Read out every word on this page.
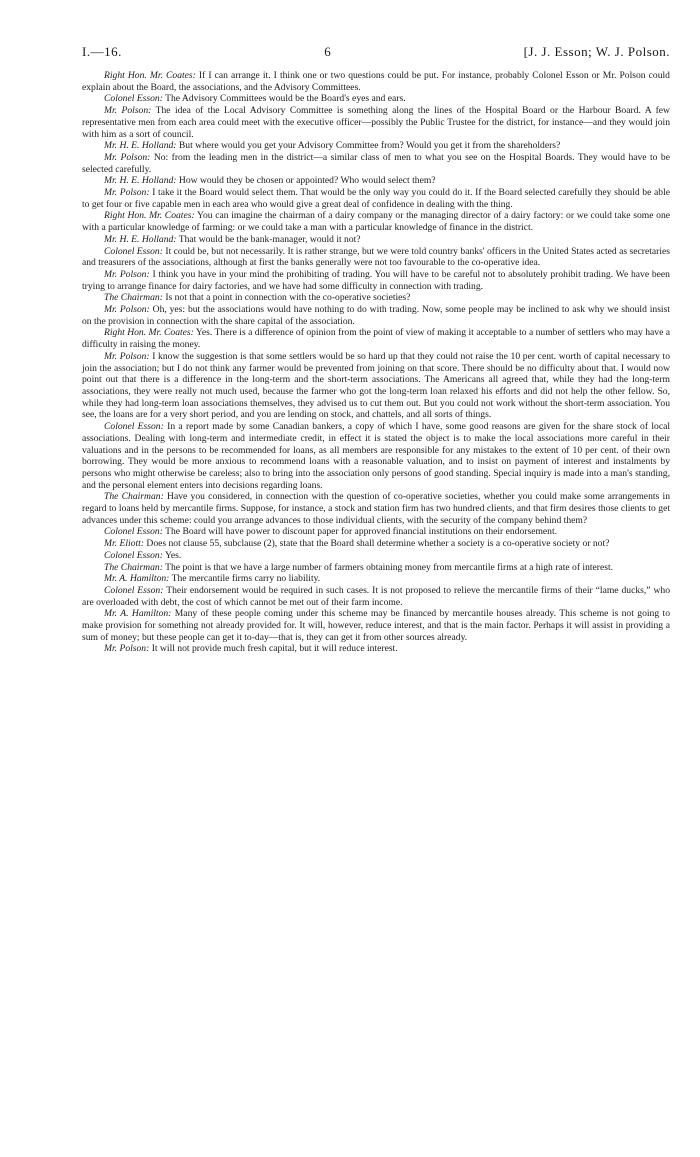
I.—16.	6	[J. J. Esson; W. J. Polson.

Right Hon. Mr. Coates: If I can arrange it. I think one or two questions could be put. For instance, probably Colonel Esson or Mr. Polson could explain about the Board, the associations, and the Advisory Committees.

Colonel Esson: The Advisory Committees would be the Board's eyes and ears.

Mr. Polson: The idea of the Local Advisory Committee is something along the lines of the Hospital Board or the Harbour Board. A few representative men from each area could meet with the executive officer—possibly the Public Trustee for the district, for instance—and they would join with him as a sort of council.

Mr. H. E. Holland: But where would you get your Advisory Committee from? Would you get it from the shareholders?

Mr. Polson: No: from the leading men in the district—a similar class of men to what you see on the Hospital Boards. They would have to be selected carefully.

Mr. H. E. Holland: How would they be chosen or appointed? Who would select them?

Mr. Polson: I take it the Board would select them. That would be the only way you could do it. If the Board selected carefully they should be able to get four or five capable men in each area who would give a great deal of confidence in dealing with the thing.

Right Hon. Mr. Coates: You can imagine the chairman of a dairy company or the managing director of a dairy factory: or we could take some one with a particular knowledge of farming: or we could take a man with a particular knowledge of finance in the district.

Mr. H. E. Holland: That would be the bank-manager, would it not?

Colonel Esson: It could be, but not necessarily. It is rather strange, but we were told country banks' officers in the United States acted as secretaries and treasurers of the associations, although at first the banks generally were not too favourable to the co-operative idea.

Mr. Polson: I think you have in your mind the prohibiting of trading. You will have to be careful not to absolutely prohibit trading. We have been trying to arrange finance for dairy factories, and we have had some difficulty in connection with trading.

The Chairman: Is not that a point in connection with the co-operative societies?

Mr. Polson: Oh, yes: but the associations would have nothing to do with trading. Now, some people may be inclined to ask why we should insist on the provision in connection with the share capital of the association.

Right Hon. Mr. Coates: Yes. There is a difference of opinion from the point of view of making it acceptable to a number of settlers who may have a difficulty in raising the money.

Mr. Polson: I know the suggestion is that some settlers would be so hard up that they could not raise the 10 per cent. worth of capital necessary to join the association; but I do not think any farmer would be prevented from joining on that score. There should be no difficulty about that. I would now point out that there is a difference in the long-term and the short-term associations. The Americans all agreed that, while they had the long-term associations, they were really not much used, because the farmer who got the long-term loan relaxed his efforts and did not help the other fellow. So, while they had long-term loan associations themselves, they advised us to cut them out. But you could not work without the short-term association. You see, the loans are for a very short period, and you are lending on stock, and chattels, and all sorts of things.

Colonel Esson: In a report made by some Canadian bankers, a copy of which I have, some good reasons are given for the share stock of local associations. Dealing with long-term and intermediate credit, in effect it is stated the object is to make the local associations more careful in their valuations and in the persons to be recommended for loans, as all members are responsible for any mistakes to the extent of 10 per cent. of their own borrowing. They would be more anxious to recommend loans with a reasonable valuation, and to insist on payment of interest and instalments by persons who might otherwise be careless; also to bring into the association only persons of good standing. Special inquiry is made into a man's standing, and the personal element enters into decisions regarding loans.

The Chairman: Have you considered, in connection with the question of co-operative societies, whether you could make some arrangements in regard to loans held by mercantile firms. Suppose, for instance, a stock and station firm has two hundred clients, and that firm desires those clients to get advances under this scheme: could you arrange advances to those individual clients, with the security of the company behind them?

Colonel Esson: The Board will have power to discount paper for approved financial institutions on their endorsement.

Mr. Eliott: Does not clause 55, subclause (2), state that the Board shall determine whether a society is a co-operative society or not?

Colonel Esson: Yes.

The Chairman: The point is that we have a large number of farmers obtaining money from mercantile firms at a high rate of interest.

Mr. A. Hamilton: The mercantile firms carry no liability.

Colonel Esson: Their endorsement would be required in such cases. It is not proposed to relieve the mercantile firms of their “lame ducks,” who are overloaded with debt, the cost of which cannot be met out of their farm income.

Mr. A. Hamilton: Many of these people coming under this scheme may be financed by mercantile houses already. This scheme is not going to make provision for something not already provided for. It will, however, reduce interest, and that is the main factor. Perhaps it will assist in providing a sum of money; but these people can get it to-day—that is, they can get it from other sources already.

Mr. Polson: It will not provide much fresh capital, but it will reduce interest.
